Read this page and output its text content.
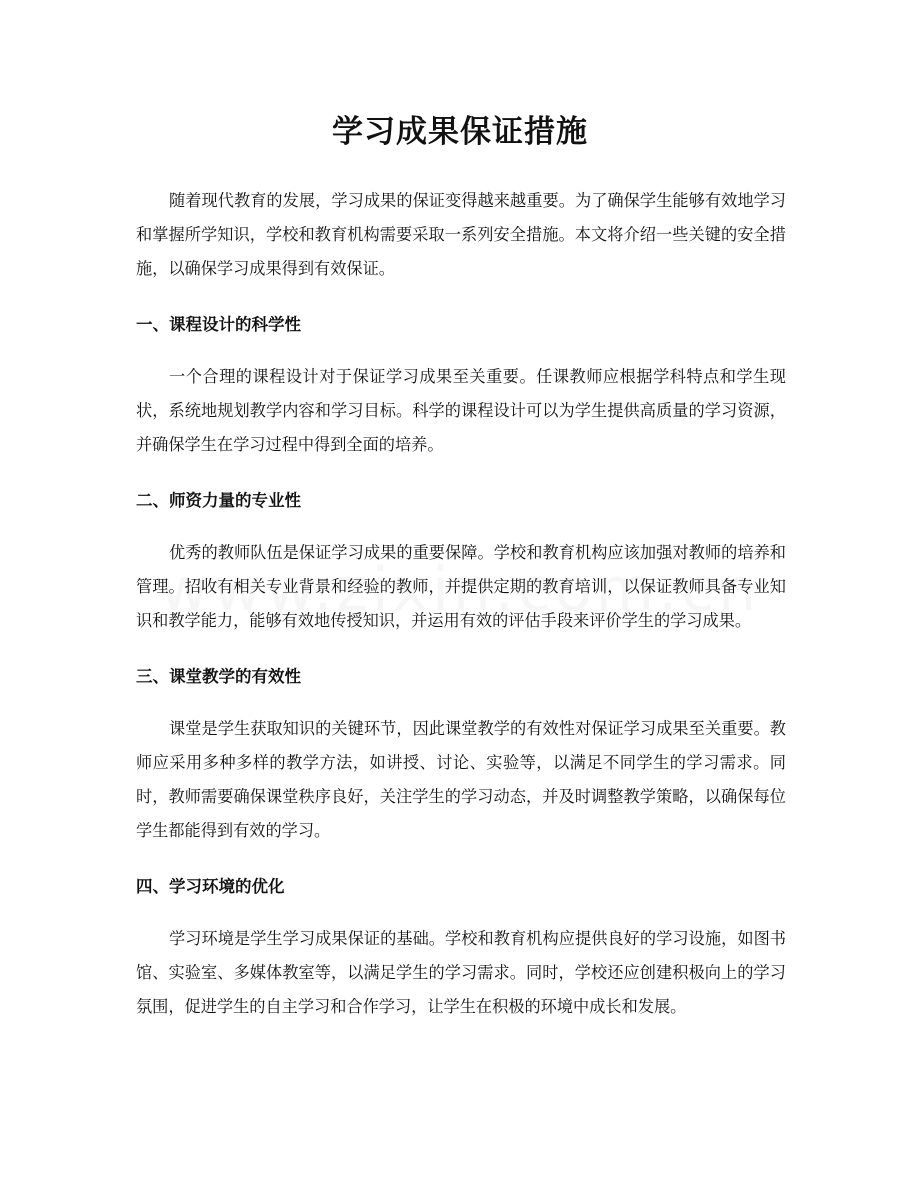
学习成果保证措施

随着现代教育的发展，学习成果的保证变得越来越重要。为了确保学生能够有效地学习和掌握所学知识，学校和教育机构需要采取一系列安全措施。本文将介绍一些关键的安全措施，以确保学习成果得到有效保证。

一、课程设计的科学性

一个合理的课程设计对于保证学习成果至关重要。任课教师应根据学科特点和学生现状，系统地规划教学内容和学习目标。科学的课程设计可以为学生提供高质量的学习资源，并确保学生在学习过程中得到全面的培养。

二、师资力量的专业性

优秀的教师队伍是保证学习成果的重要保障。学校和教育机构应该加强对教师的培养和管理。招收有相关专业背景和经验的教师，并提供定期的教育培训，以保证教师具备专业知识和教学能力，能够有效地传授知识，并运用有效的评估手段来评价学生的学习成果。

三、课堂教学的有效性

课堂是学生获取知识的关键环节，因此课堂教学的有效性对保证学习成果至关重要。教师应采用多种多样的教学方法，如讲授、讨论、实验等，以满足不同学生的学习需求。同时，教师需要确保课堂秩序良好，关注学生的学习动态，并及时调整教学策略，以确保每位学生都能得到有效的学习。

四、学习环境的优化

学习环境是学生学习成果保证的基础。学校和教育机构应提供良好的学习设施，如图书馆、实验室、多媒体教室等，以满足学生的学习需求。同时，学校还应创建积极向上的学习氛围，促进学生的自主学习和合作学习，让学生在积极的环境中成长和发展。
